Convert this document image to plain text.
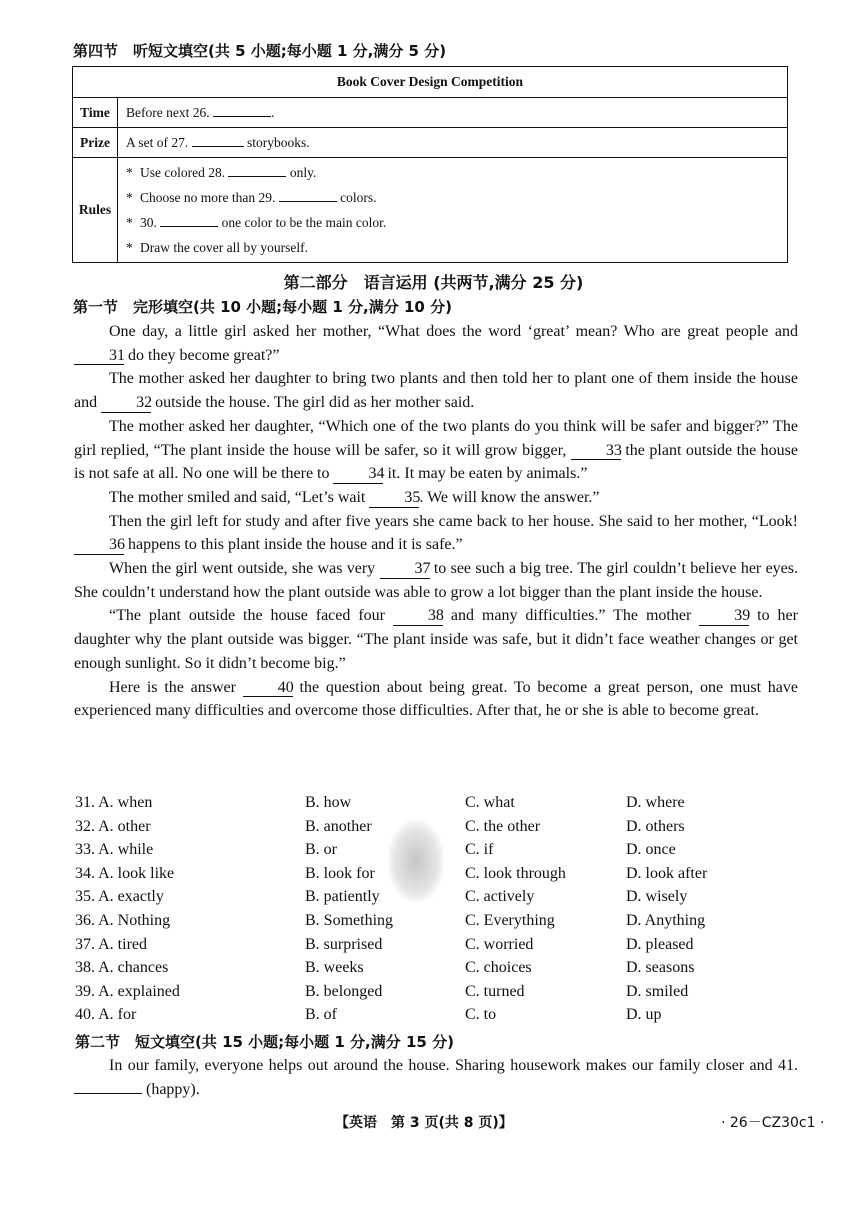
第四节　听短文填空(共 5 小题;每小题 1 分,满分 5 分)
Book Cover Design Competition	
Time	Before next 26. .
Prize	A set of 27. storybooks.
Rules	* Use colored 28. only.
* Choose no more than 29. colors.
* 30. one color to be the main color.
* Draw the cover all by yourself.
第二部分　语言运用 (共两节,满分 25 分)
第一节　完形填空(共 10 小题;每小题 1 分,满分 10 分)

One day, a little girl asked her mother, “What does the word ‘great’ mean? Who are great people and 31 do they become great?”

The mother asked her daughter to bring two plants and then told her to plant one of them inside the house and 32 outside the house. The girl did as her mother said.

The mother asked her daughter, “Which one of the two plants do you think will be safer and bigger?” The girl replied, “The plant inside the house will be safer, so it will grow bigger, 33 the plant outside the house is not safe at all. No one will be there to 34 it. It may be eaten by animals.”

The mother smiled and said, “Let’s wait 35. We will know the answer.”

Then the girl left for study and after five years she came back to her house. She said to her mother, “Look! 36 happens to this plant inside the house and it is safe.”

When the girl went outside, she was very 37 to see such a big tree. The girl couldn’t believe her eyes. She couldn’t understand how the plant outside was able to grow a lot bigger than the plant inside the house.

“The plant outside the house faced four 38 and many difficulties.” The mother 39 to her daughter why the plant outside was bigger. “The plant inside was safe, but it didn’t face weather changes or get enough sunlight. So it didn’t become big.”

Here is the answer 40 the question about being great. To become a great person, one must have experienced many difficulties and overcome those difficulties. After that, he or she is able to become great.

31. A. when	B. how	C. what	D. where
32. A. other	B. another	C. the other	D. others
33. A. while	B. or	C. if	D. once
34. A. look like	B. look for	C. look through	D. look after
35. A. exactly	B. patiently	C. actively	D. wisely
36. A. Nothing	B. Something	C. Everything	D. Anything
37. A. tired	B. surprised	C. worried	D. pleased
38. A. chances	B. weeks	C. choices	D. seasons
39. A. explained	B. belonged	C. turned	D. smiled
40. A. for	B. of	C. to	D. up
第二节　短文填空(共 15 小题;每小题 1 分,满分 15 分)

In our family, everyone helps out around the house. Sharing housework makes our family closer and 41.  (happy).

【英语　第 3 页(共 8 页)】	· 26－CZ30c1 ·
